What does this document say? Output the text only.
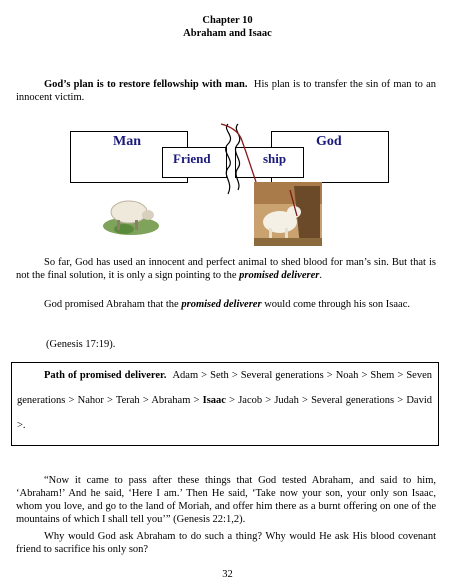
Chapter 10
Abraham and Isaac
God’s plan is to restore fellowship with man. His plan is to transfer the sin of man to an innocent victim.
Man	God
Friend	ship
So far, God has used an innocent and perfect animal to shed blood for man’s sin. But that is not the final solution, it is only a sign pointing to the promised deliverer.
God promised Abraham that the promised deliverer would come through his son Isaac.
(Genesis 17:19).
Path of promised deliverer. Adam > Seth > Several generations > Noah > Shem > Seven generations > Nahor > Terah > Abraham > Isaac > Jacob > Judah > Several generations > David >.
“Now it came to pass after these things that God tested Abraham, and said to him, ‘Abraham!’ And he said, ‘Here I am.’ Then He said, ‘Take now your son, your only son Isaac, whom you love, and go to the land of Moriah, and offer him there as a burnt offering on one of the mountains of which I shall tell you’” (Genesis 22:1,2).
Why would God ask Abraham to do such a thing? Why would He ask His blood covenant friend to sacrifice his only son?
32
